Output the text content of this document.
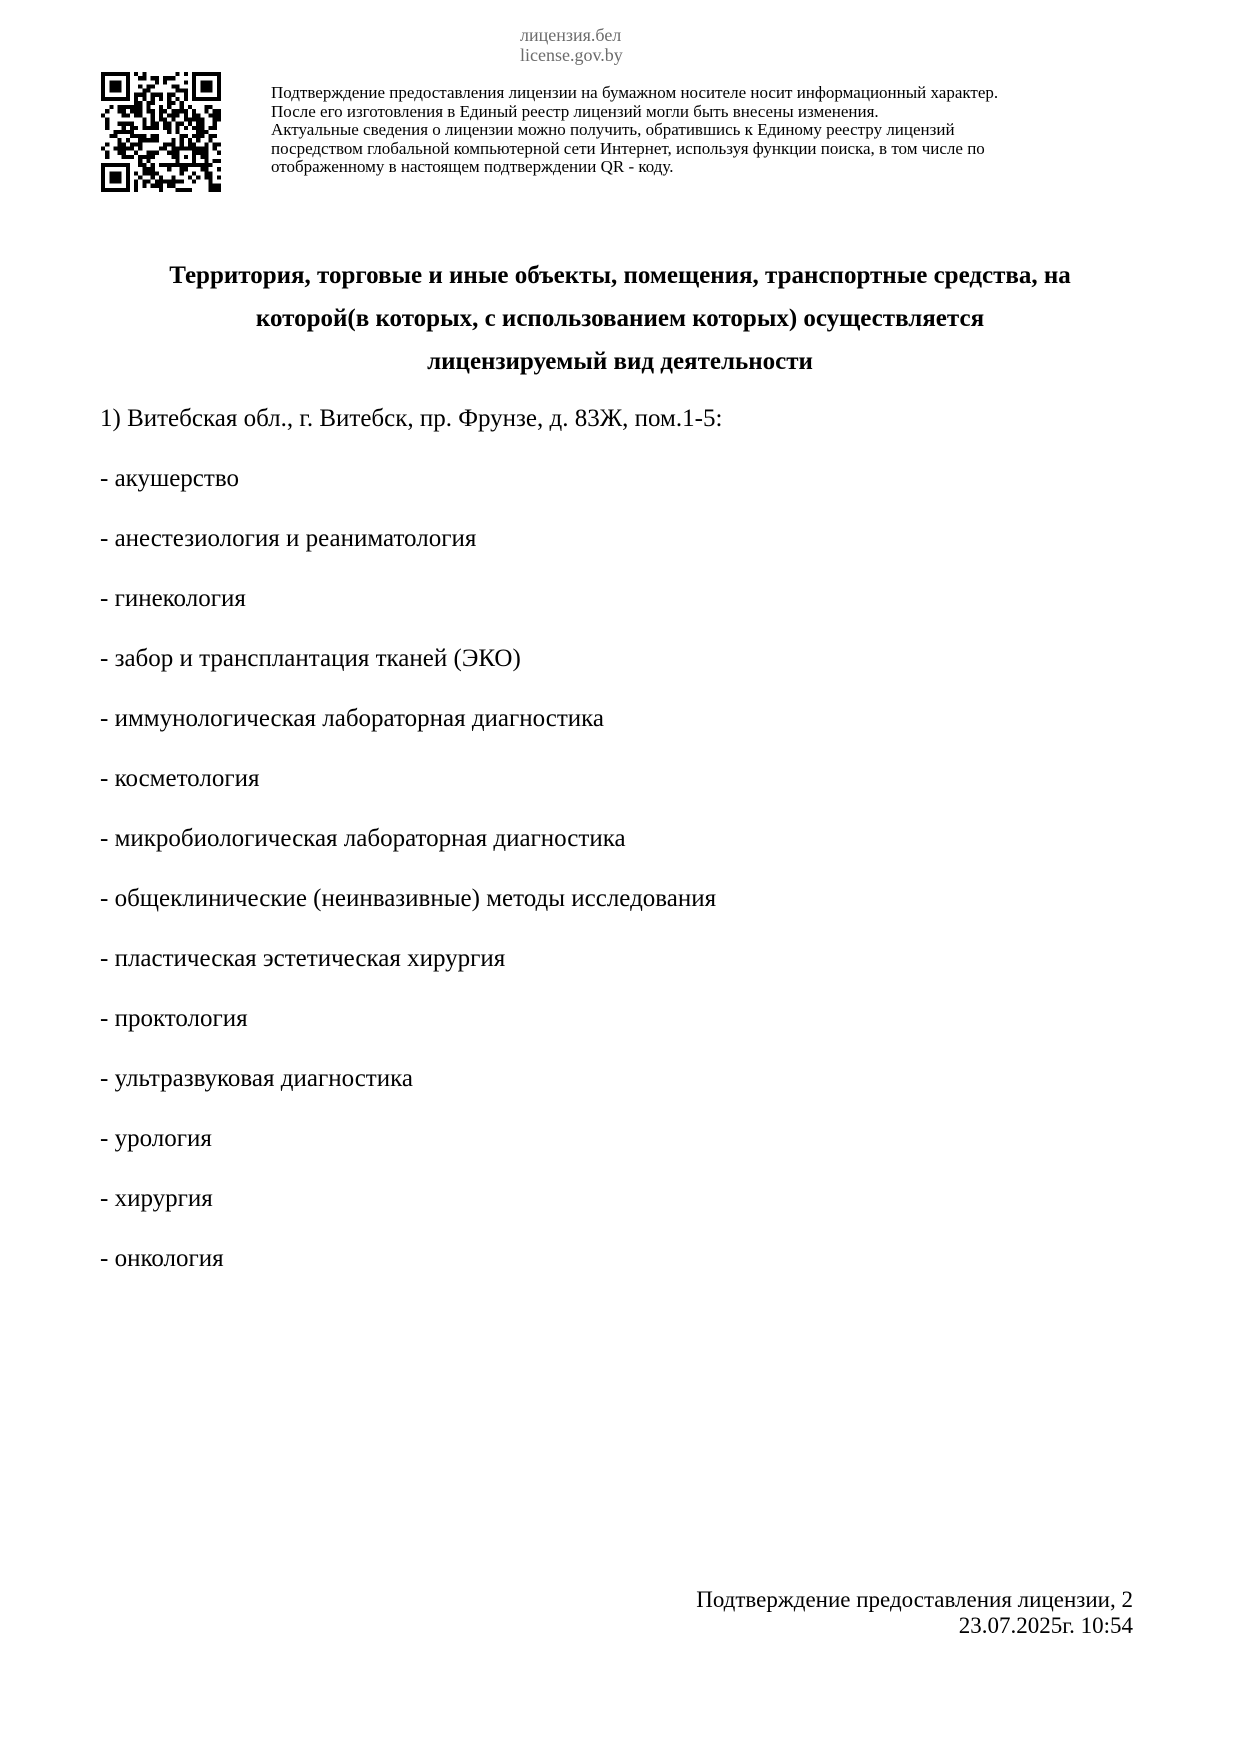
лицензия.бел
license.gov.by
Подтверждение предоставления лицензии на бумажном носителе носит информационный характер.
После его изготовления в Единый реестр лицензий могли быть внесены изменения.
Актуальные сведения о лицензии можно получить, обратившись к Единому реестру лицензий
посредством глобальной компьютерной сети Интернет, используя функции поиска, в том числе по
отображенному в настоящем подтверждении QR - коду.
Территория, торговые и иные объекты, помещения, транспортные средства, на
которой(в которых, с использованием которых) осуществляется
лицензируемый вид деятельности
1) Витебская обл., г. Витебск, пр. Фрунзе, д. 83Ж, пом.1-5:
- акушерство
- анестезиология и реаниматология
- гинекология
- забор и трансплантация тканей (ЭКО)
- иммунологическая лабораторная диагностика
- косметология
- микробиологическая лабораторная диагностика
- общеклинические (неинвазивные) методы исследования
- пластическая эстетическая хирургия
- проктология
- ультразвуковая диагностика
- урология
- хирургия
- онкология
Подтверждение предоставления лицензии, 2
23.07.2025г. 10:54
